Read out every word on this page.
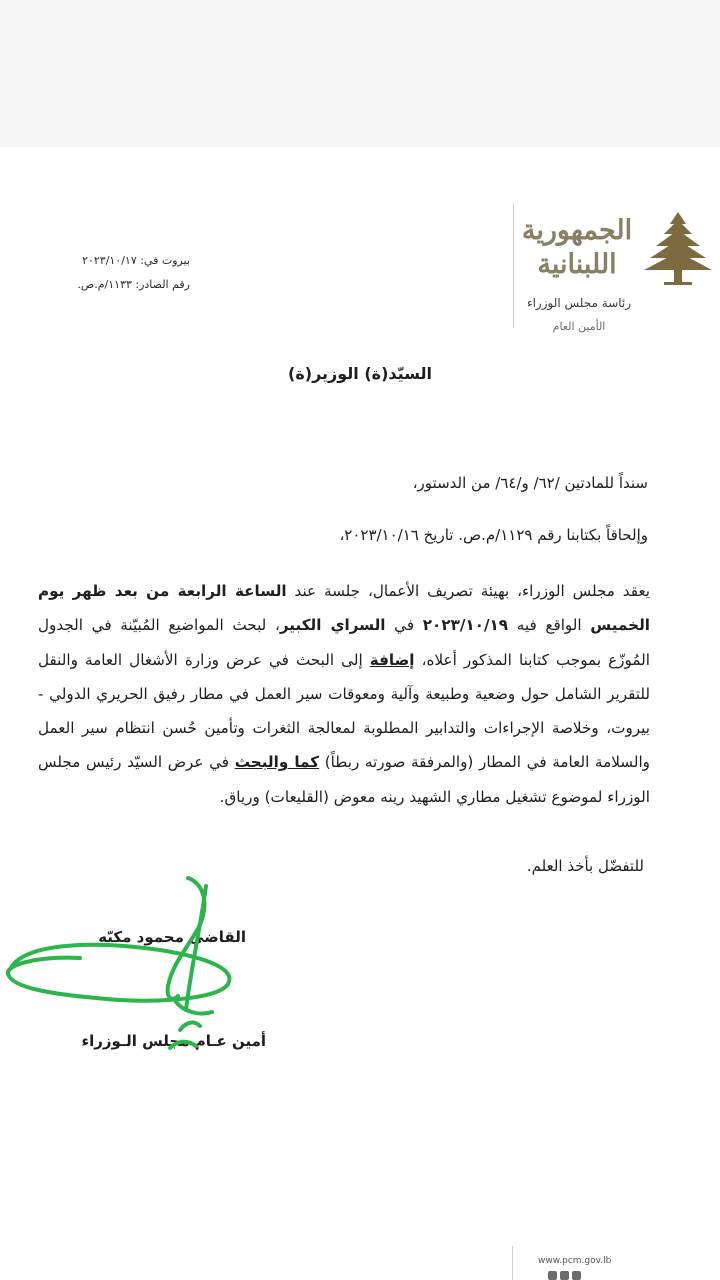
الجمهورية
اللبنانية
رئاسة مجلس الوزراء
الأمين العام
بيروت في: ٢٠٢٣/١٠/١٧
رقم الصادر: ١١٣٣/م.ص.
السيّد(ة) الوزير(ة)
سنداً للمادتين /٦٢/ و/٦٤/ من الدستور،
وإلحاقاً بكتابنا رقم ١١٢٩/م.ص. تاريخ ٢٠٢٣/١٠/١٦،
يعقد مجلس الوزراء، بهيئة تصريف الأعمال، جلسة عند الساعة الرابعة من بعد ظهر يوم الخميس الواقع فيه ٢٠٢٣/١٠/١٩ في السراي الكبير، لبحث المواضيع المُبيّنة في الجدول المُوزّع بموجب كتابنا المذكور أعلاه، إضافة إلى البحث في عرض وزارة الأشغال العامة والنقل للتقرير الشامل حول وضعية وطبيعة وآلية ومعوقات سير العمل في مطار رفيق الحريري الدولي - بيروت، وخلاصة الإجراءات والتدابير المطلوبة لمعالجة الثغرات وتأمين حُسن انتظام سير العمل والسلامة العامة في المطار (والمرفقة صورته ربطاً) كما والبحث في عرض السيّد رئيس مجلس الوزراء لموضوع تشغيل مطاري الشهيد رينه معوض (القليعات) ورياق.
للتفضّل بأخذ العلم.
القاضي محمود مكيّه
أمين عـام مجلس الـوزراء
www.pcm.gov.lb
